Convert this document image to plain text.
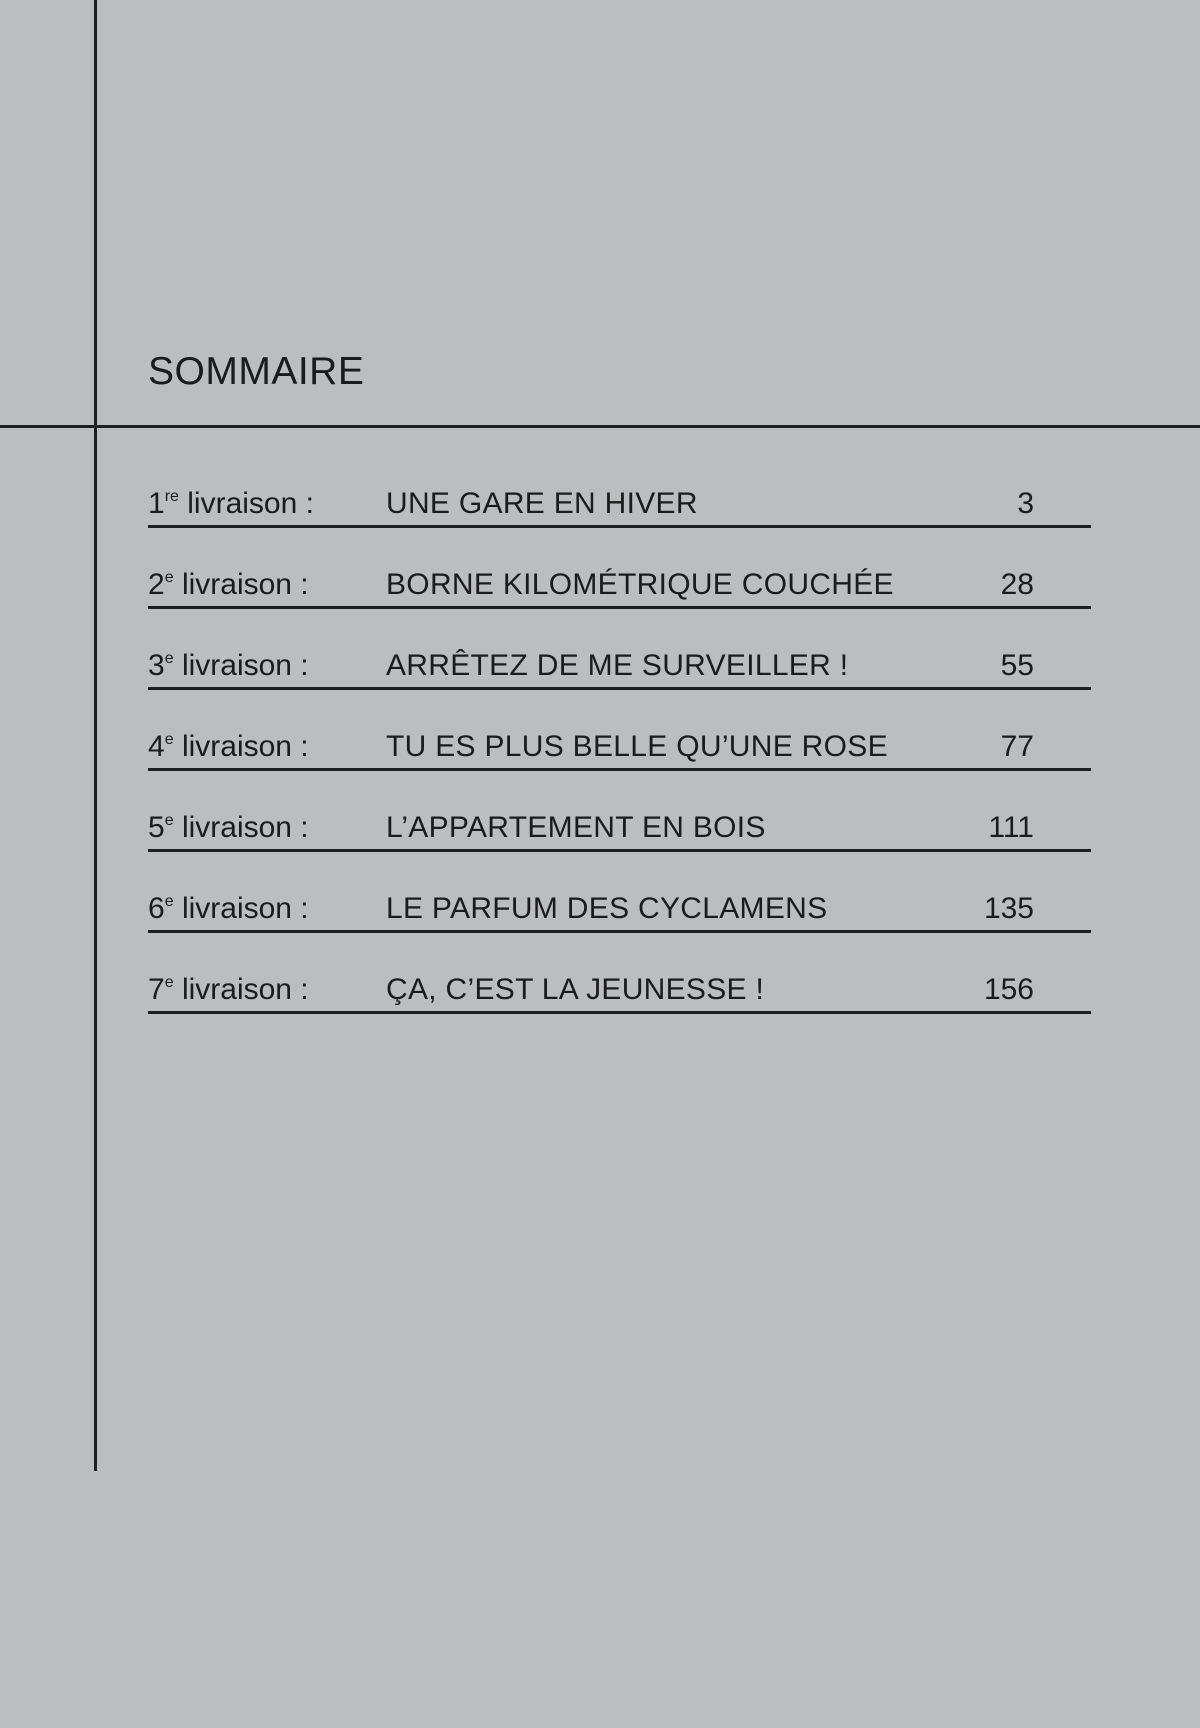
SOMMAIRE
1re livraison : UNE GARE EN HIVER	3
2e livraison :	BORNE KILOMÉTRIQUE COUCHÉE	28
3e livraison :	ARRÊTEZ DE ME SURVEILLER !	55
4e livraison :	TU ES PLUS BELLE QU’UNE ROSE	77
5e livraison :	L’APPARTEMENT EN BOIS	111
6e livraison :	LE PARFUM DES CYCLAMENS	135
7e livraison :	ÇA, C’EST LA JEUNESSE !	156
